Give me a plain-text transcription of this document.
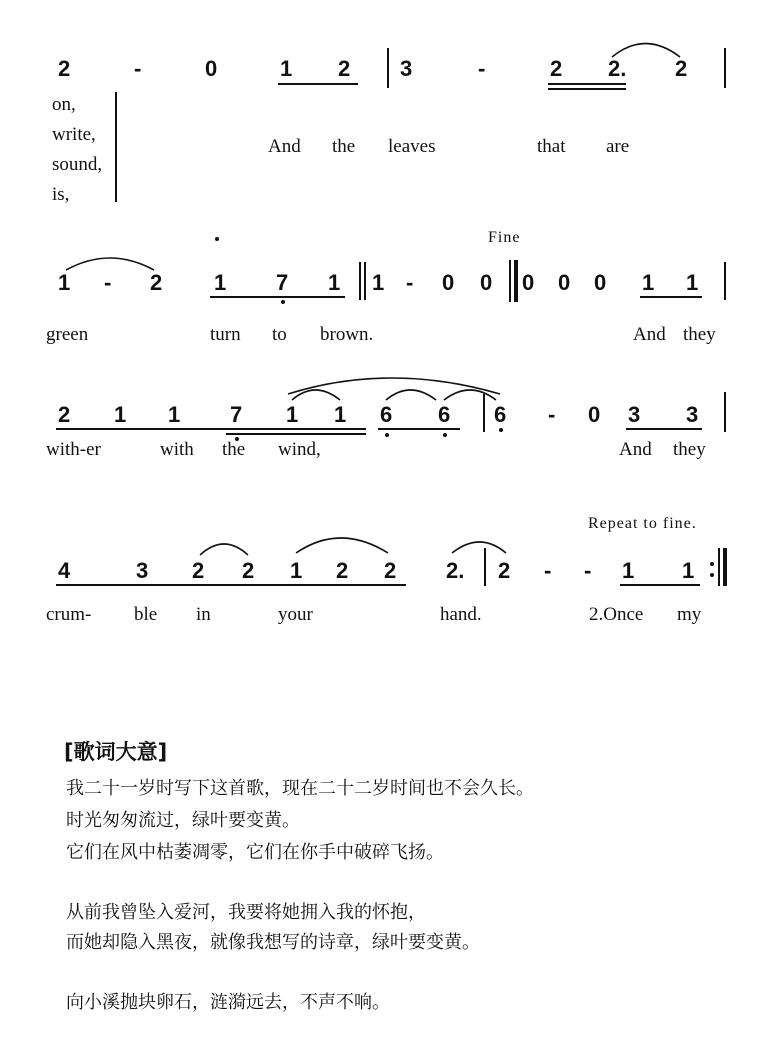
2	-	0	1 2 3	-	2 2. 2
on,
write,
sound,
is,
And the leaves	that are
Fine
1 - 2 1 7 1 1 - 0 0 0 0 0 1 1
green	turn to brown.	And they
2 1 1 7 1 1 6 6 6 - 0 3 3
with-er	with the wind,	And they
Repeat to fine.
4	3 2 2 1 2 2 2. 2 - - 1 1
crum- ble in	your	hand.	2.Once my
[歌词大意]
我二十一岁时写下这首歌，现在二十二岁时间也不会久长。
时光匆匆流过，绿叶要变黄。
它们在风中枯萎凋零，它们在你手中破碎飞扬。
从前我曾坠入爱河，我要将她拥入我的怀抱，
而她却隐入黑夜，就像我想写的诗章，绿叶要变黄。
向小溪抛块卵石，涟漪远去，不声不响。
